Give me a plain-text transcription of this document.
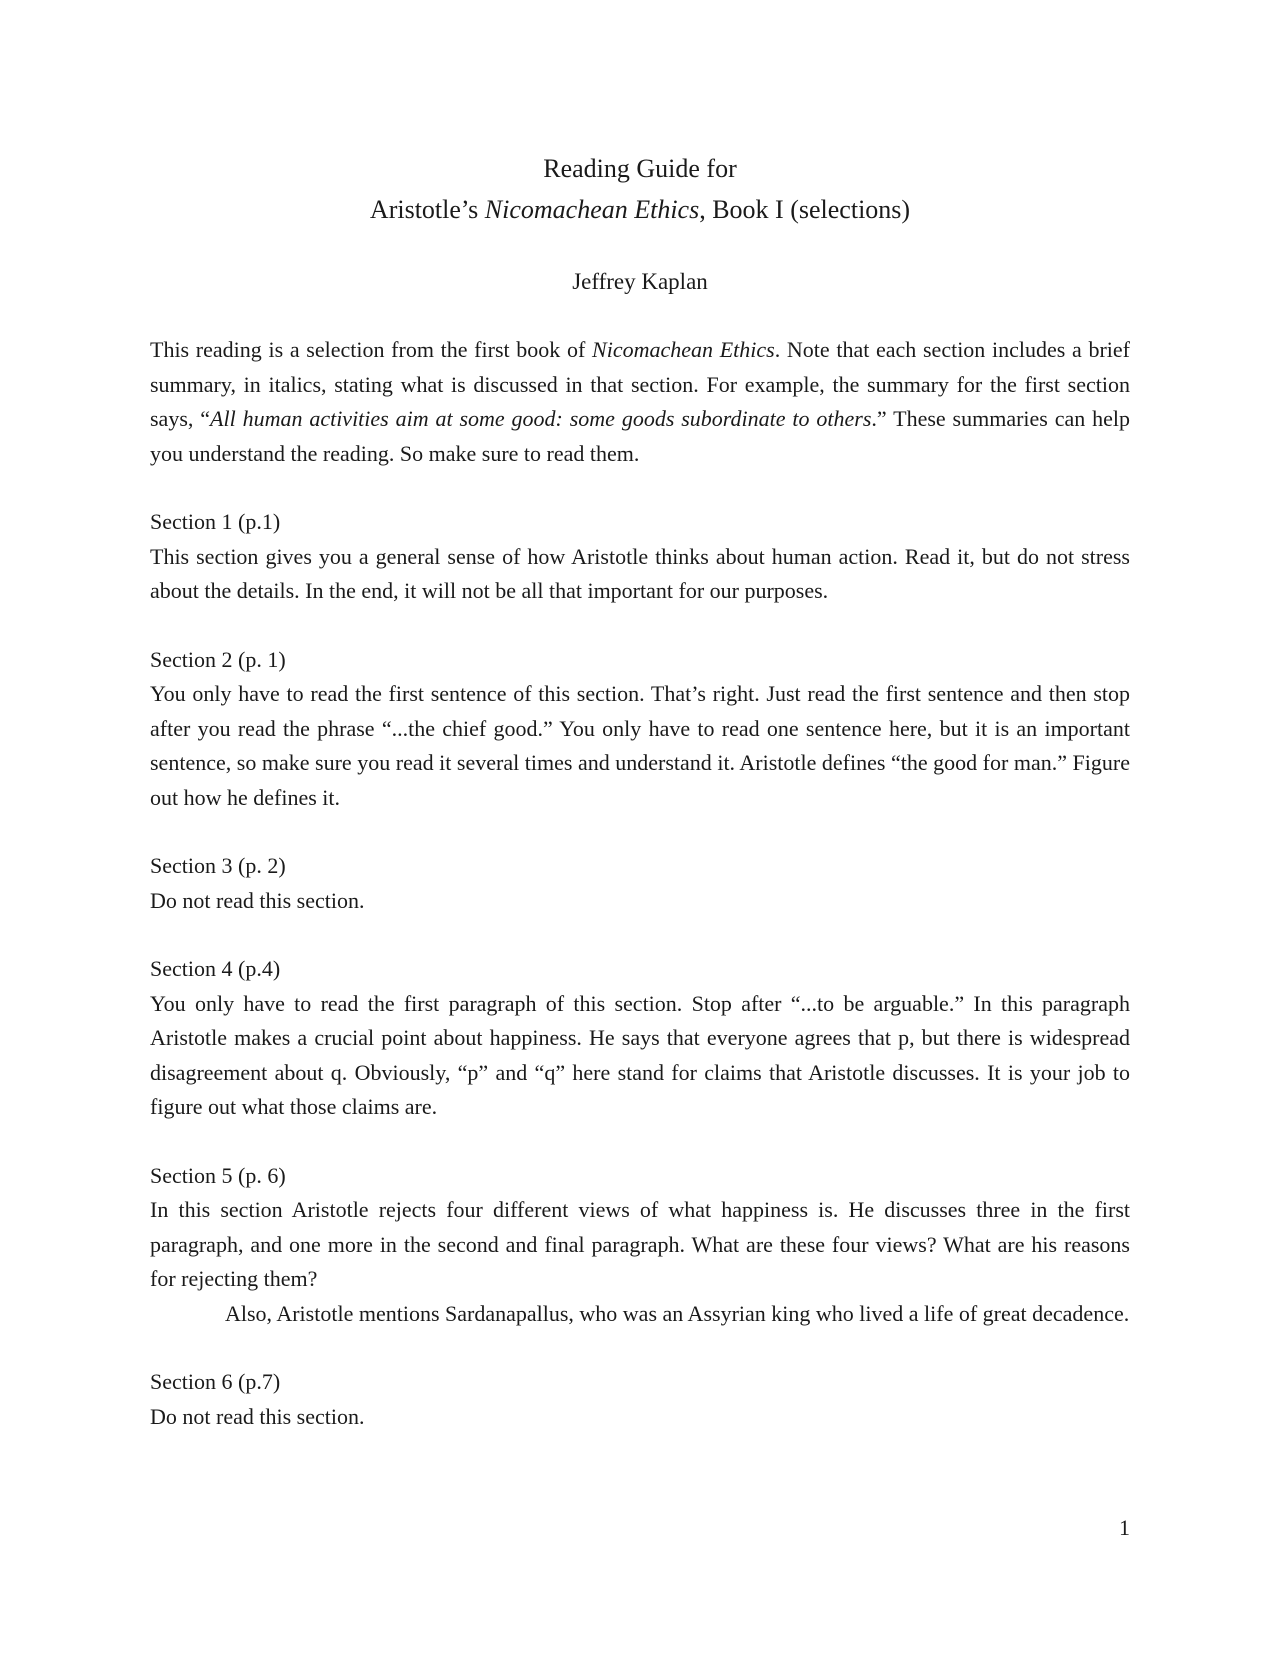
Reading Guide for
Aristotle’s Nicomachean Ethics, Book I (selections)
Jeffrey Kaplan

This reading is a selection from the first book of Nicomachean Ethics. Note that each section includes a brief summary, in italics, stating what is discussed in that section. For example, the summary for the first section says, “All human activities aim at some good: some goods subordinate to others.” These summaries can help you understand the reading. So make sure to read them.

Section 1 (p.1)

This section gives you a general sense of how Aristotle thinks about human action. Read it, but do not stress about the details. In the end, it will not be all that important for our purposes.

Section 2 (p. 1)

You only have to read the first sentence of this section. That’s right. Just read the first sentence and then stop after you read the phrase “...the chief good.” You only have to read one sentence here, but it is an important sentence, so make sure you read it several times and understand it. Aristotle defines “the good for man.” Figure out how he defines it.

Section 3 (p. 2)

Do not read this section.

Section 4 (p.4)

You only have to read the first paragraph of this section. Stop after “...to be arguable.” In this paragraph Aristotle makes a crucial point about happiness. He says that everyone agrees that p, but there is widespread disagreement about q. Obviously, “p” and “q” here stand for claims that Aristotle discusses. It is your job to figure out what those claims are.

Section 5 (p. 6)

In this section Aristotle rejects four different views of what happiness is. He discusses three in the first paragraph, and one more in the second and final paragraph. What are these four views? What are his reasons for rejecting them?

Also, Aristotle mentions Sardanapallus, who was an Assyrian king who lived a life of great decadence.

Section 6 (p.7)

Do not read this section.

1
